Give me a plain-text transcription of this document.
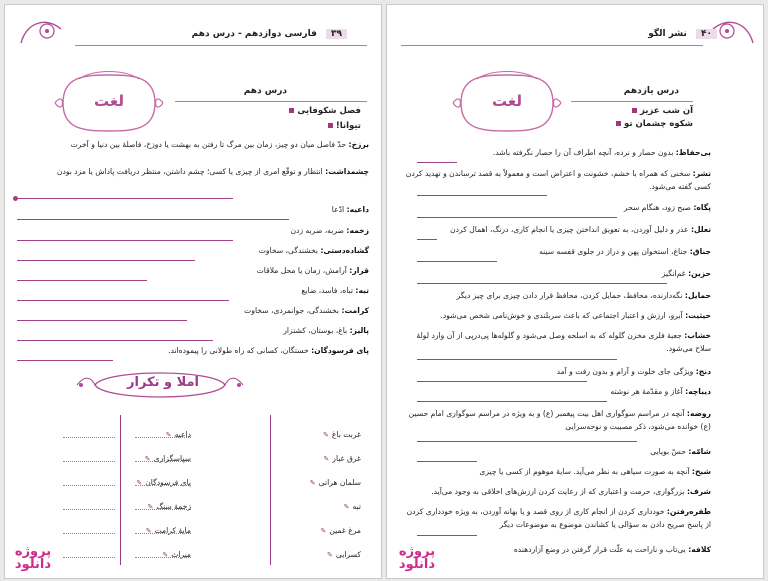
۳۹ فارسی دوازدهم - درس دهم
لغت
درس دهم
فصل شکوفایی
تیوانا!
برزخ: حدّ فاصل میان دو چیز، زمان بین مرگ تا رفتن به بهشت یا دوزخ، فاصلهٔ بین دنیا و آخرت
چشمداشت: انتظار و توقّع امری از چیزی یا کسی؛ چشم داشتن، منتظر دریافت پاداش یا مزد بودن
داعیه: ادّعا
زخمه: ضربه، ضربه زدن
گشاده‌دستی: بخشندگی، سخاوت
قرار: آرامش، زمان یا محل ملاقات
تبه: تباه، فاسد، ضایع
کرامت: بخشندگی، جوانمردی، سخاوت
پالیز: باغ، بوستان، کشتزار
پای فرسودگان: خستگان، کسانی که راه طولانی را پیموده‌اند.
املا و تکرار
غربت باغ ✎
غرق غبار ✎
سلمان هراتی ✎
تبه ✎
مرغ غمین ✎
کسرایی ✎
داعیه ✎
سپاسگزاری ✎
پای فرسودگان ✎
زخمهٔ سنگ ✎
مایهٔ کرامت ✎
میراث ✎
پروژه
دانلود
۴۰ نشر الگو
لغت
درس یازدهم
آن شب عزیز
شکوه چشمان تو
بی‌حفاظ: بدون حصار و نرده، آنچه اطراف آن را حصار نگرفته باشد.
تشر: سخنی که همراه با خشم، خشونت و اعتراض است و معمولاً به قصد ترساندن و تهدید کردن کسی گفته می‌شود.
پگاه: صبح زود، هنگام سحر
تعلل: عذر و دلیل آوردن، به تعویق انداختن چیزی یا انجام کاری، درنگ، اهمال کردن
جناق: جناغ، استخوان پهن و دراز در جلوی قفسه سینه
حزین: غم‌انگیز
حمایل: نگه‌دارنده، محافظ، حمایل کردن، محافظ قرار دادن چیزی برای چیز دیگر
حیثیت: آبرو، ارزش و اعتبار اجتماعی که باعث سربلندی و خوش‌نامی شخص می‌شود.
خشاب: جعبهٔ فلزی مخزن گلوله که به اسلحه وصل می‌شود و گلوله‌ها پی‌درپی از آن وارد لولهٔ سلاح می‌شود.
دنج: ویژگی جای خلوت و آرام و بدون رفت و آمد
دیباچه: آغاز و مقدّمهٔ هر نوشته
روضه: آنچه در مراسم سوگواری اهل بیت پیغمبر (ع) و به ویژه در مراسم سوگواری امام حسین (ع) خوانده می‌شود، ذکر مصیبت و نوحه‌سرایی
شامّه: حسّ بویایی
شبح: آنچه به صورت سیاهی به نظر می‌آید. سایهٔ موهوم از کسی یا چیزی
شرف: بزرگواری، حرمت و اعتباری که از رعایت کردن ارزش‌های اخلاقی به وجود می‌آید.
طفره‌رفتن: خودداری کردن از انجام کاری از روی قصد و یا بهانه آوردن، به ویژه خودداری کردن از پاسخ صریح دادن به سؤالی یا کشاندن موضوع به موضوعات دیگر
کلافه: بی‌تاب و ناراحت به علّت قرار گرفتن در وضع آزاردهنده
پروژه
دانلود
